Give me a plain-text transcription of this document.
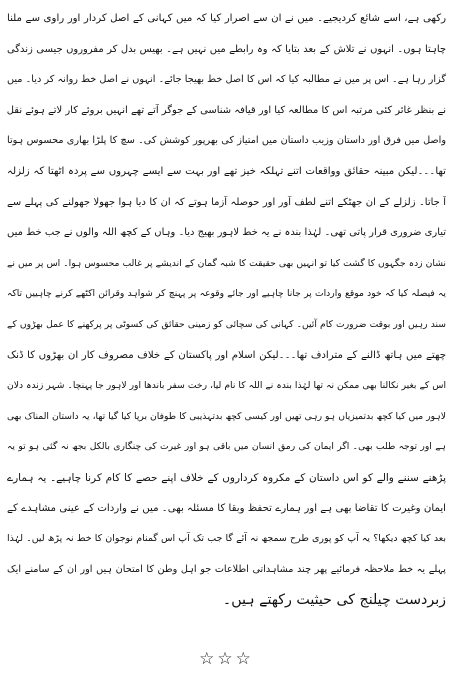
رکھی ہے، اسے شائع کردیجیے۔ میں نے ان سے اصرار کیا کہ میں کہانی کے اصل کردار اور راوی سے ملنا
چاہتا ہوں۔ انہوں نے تلاش کے بعد بتایا کہ وہ رابطے میں نہیں ہے۔ بھیس بدل کر مفروروں جیسی زندگی
گزار رہا ہے۔ اس پر میں نے مطالبہ کیا کہ اس کا اصل خط بھیجا جائے۔ انہوں نے اصل خط روانہ کر دیا۔ میں
نے بنظر غائر کئی مرتبہ اس کا مطالعہ کیا اور قیافہ شناسی کے جوگر آتے تھے انہیں بروئے کار لاتے ہوئے نقل
واصل میں فرق اور داستان وزیب داستان میں امتیاز کی بھرپور کوشش کی۔ سچ کا پلڑا بھاری محسوس ہوتا
تھا۔۔۔لیکن مبینہ حقائق وواقعات اتنے تہلکہ خیز تھے اور بہت سے ایسے چہروں سے پردہ اٹھتا کہ زلزلہ
آ جاتا۔ زلزلے کے ان جھٹکے اتنے لطف آور اور حوصلہ آزما ہوتے کہ ان کا دیا ہوا جھولا جھولنے کی پہلے سے
تیاری ضروری قرار پاتی تھی۔ لہٰذا بندہ نے یہ خط لاہور بھیج دیا۔ وہاں کے کچھ اللہ والوں نے جب خط میں
نشان زدہ جگہوں کا گشت کیا تو انہیں بھی حقیقت کا شبہ گمان کے اندیشے پر غالب محسوس ہوا۔ اس پر میں نے
یہ فیصلہ کیا کہ خود موقع واردات پر جانا چاہیے اور جائے وقوعہ پر پہنچ کر شواہد وقرائن اکٹھے کرنے چاہییں تاکہ
سند رہیں اور بوقت ضرورت کام آئیں۔ کہانی کی سچائی کو زمینی حقائق کی کسوٹی پر پرکھنے کا عمل بھڑوں کے
چھتے میں ہاتھ ڈالنے کے مترادف تھا۔۔۔لیکن اسلام اور پاکستان کے خلاف مصروف کار ان بھڑوں کا ڈنک
اس کے بغیر نکالنا بھی ممکن نہ تھا لہٰذا بندہ نے اللہ کا نام لیا، رخت سفر باندھا اور لاہور جا پہنچا۔ شہر زندہ دلان
لاہور میں کیا کچھ بدتمیزیاں ہو رہی تھیں اور کیسی کچھ بدتہذیبی کا طوفان برپا کیا گیا تھا، یہ داستان المناک بھی
ہے اور توجہ طلب بھی۔ اگر ایمان کی رمق انسان میں باقی ہو اور غیرت کی چنگاری بالکل بجھ نہ گئی ہو تو یہ
پڑھنے سننے والے کو اس داستان کے مکروہ کرداروں کے خلاف اپنے حصے کا کام کرنا چاہیے۔ یہ ہمارے
ایمان وغیرت کا تقاضا بھی ہے اور ہمارے تحفظ وبقا کا مسئلہ بھی۔ میں نے واردات کے عینی مشاہدے کے
بعد کیا کچھ دیکھا؟ یہ آپ کو پوری طرح سمجھ نہ آئے گا جب تک آپ اس گمنام نوجوان کا خط نہ پڑھ لیں۔ لہٰذا
پہلے یہ خط ملاحظہ فرمائیے پھر چند مشاہداتی اطلاعات جو اہل وطن کا امتحان ہیں اور ان کے سامنے ایک
زبردست چیلنج کی حیثیت رکھتے ہیں۔
☆☆☆
